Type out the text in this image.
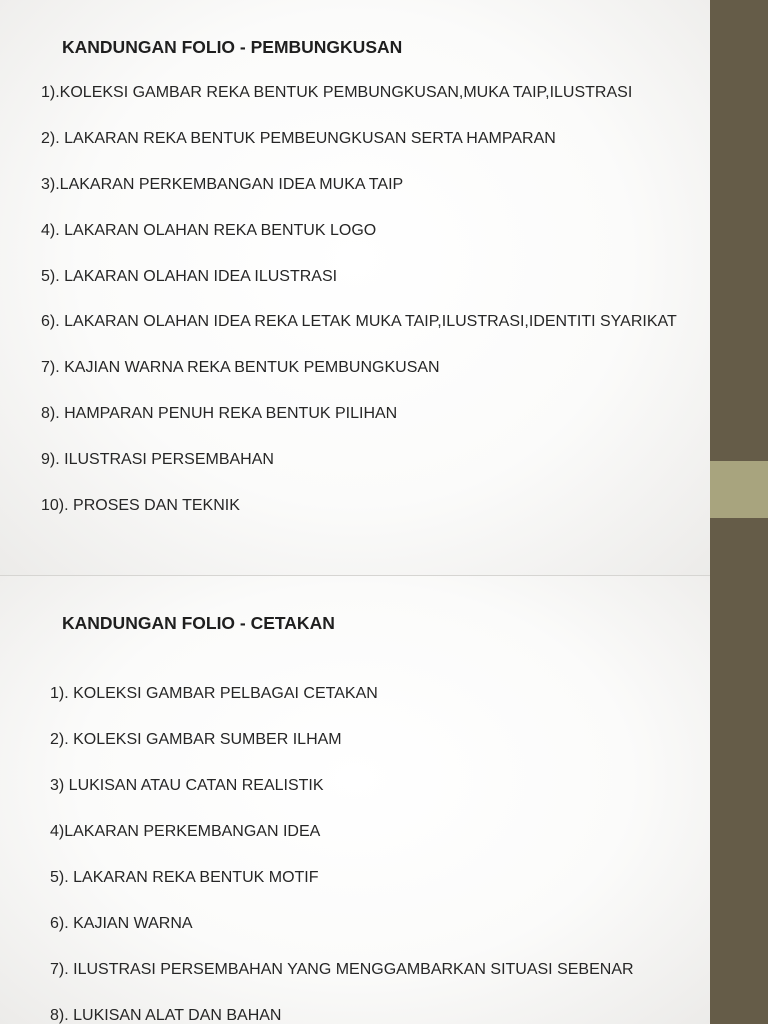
KANDUNGAN FOLIO - PEMBUNGKUSAN
1).KOLEKSI GAMBAR REKA BENTUK PEMBUNGKUSAN,MUKA TAIP,ILUSTRASI
2). LAKARAN REKA BENTUK PEMBEUNGKUSAN SERTA HAMPARAN
3).LAKARAN PERKEMBANGAN IDEA MUKA TAIP
4). LAKARAN OLAHAN REKA BENTUK LOGO
5). LAKARAN OLAHAN IDEA ILUSTRASI
6). LAKARAN OLAHAN IDEA REKA LETAK MUKA TAIP,ILUSTRASI,IDENTITI SYARIKAT
7). KAJIAN WARNA REKA BENTUK PEMBUNGKUSAN
8). HAMPARAN PENUH REKA BENTUK PILIHAN
9). ILUSTRASI PERSEMBAHAN
10). PROSES DAN TEKNIK
KANDUNGAN FOLIO - CETAKAN
1). KOLEKSI GAMBAR PELBAGAI CETAKAN
2). KOLEKSI GAMBAR SUMBER ILHAM
3) LUKISAN ATAU CATAN REALISTIK
4)LAKARAN PERKEMBANGAN IDEA
5). LAKARAN REKA BENTUK MOTIF
6). KAJIAN WARNA
7). ILUSTRASI PERSEMBAHAN YANG MENGGAMBARKAN SITUASI SEBENAR
8). LUKISAN ALAT DAN BAHAN
